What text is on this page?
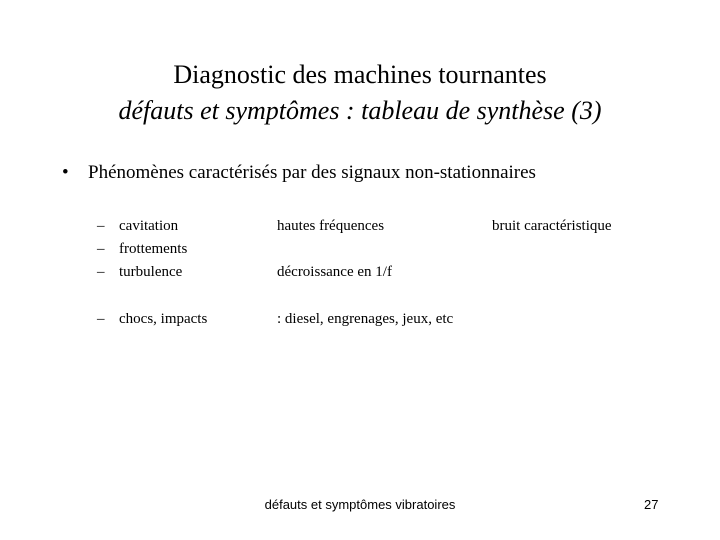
Diagnostic des machines tournantes
défauts et symptômes : tableau de synthèse (3)
• Phénomènes caractérisés par des signaux non-stationnaires
– cavitation	hautes fréquences	bruit caractéristique
– frottements
– turbulence	décroissance en 1/f
– chocs, impacts	: diesel, engrenages, jeux, etc
défauts et symptômes vibratoires	27
